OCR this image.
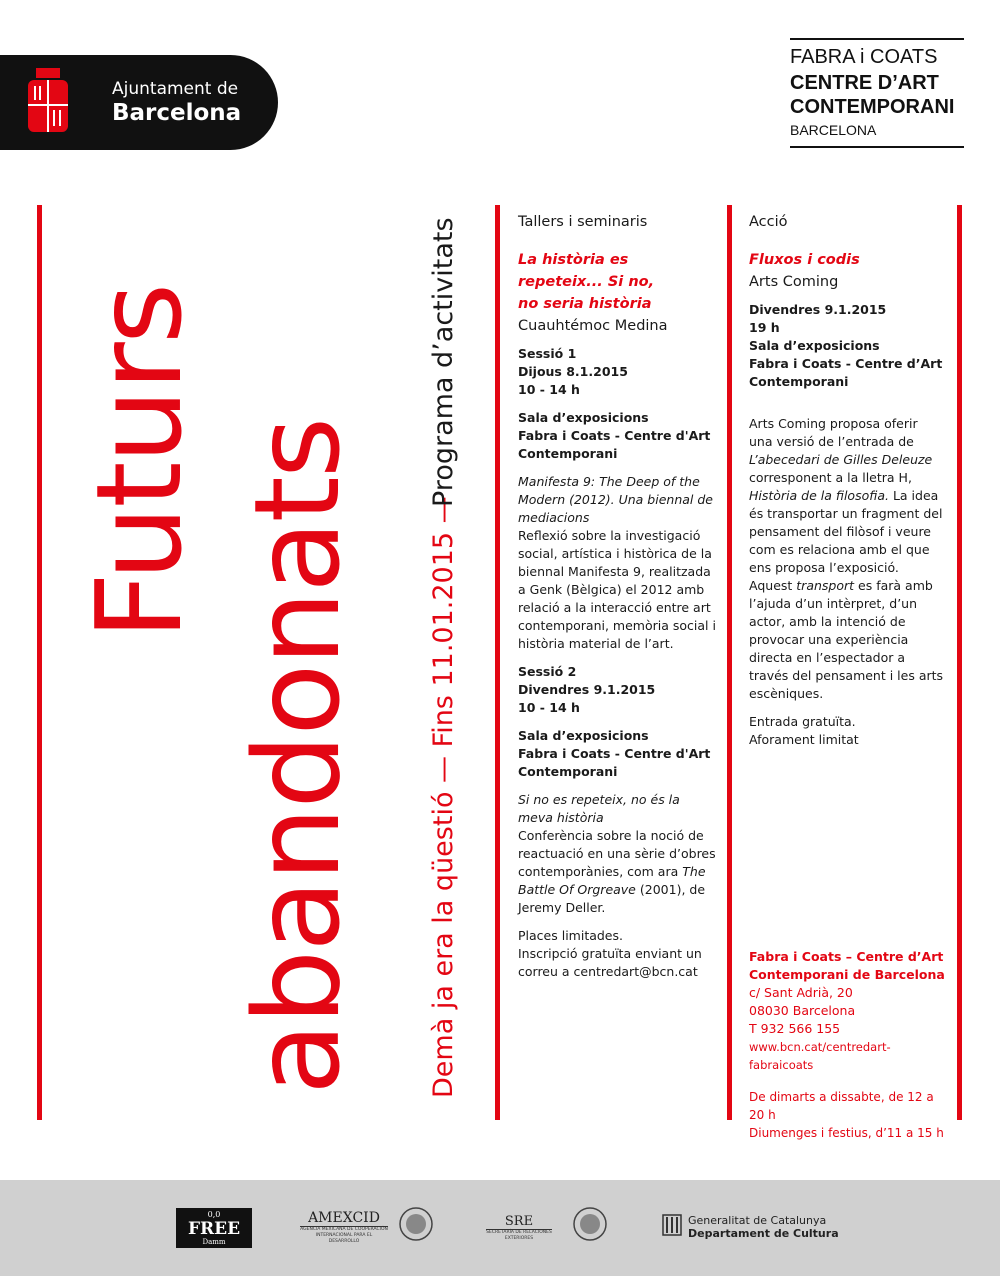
Ajuntament de
Barcelona
FABRA i COATS
CENTRE D’ART
CONTEMPORANI
BARCELONA
Futurs abandonats Demà ja era la qüestió — Fins 11.01.2015 —
Programa d’activitats	Tallers i seminaris

La història es
repeteix... Si no,
no seria història

Cuauhtémoc Medina

Sessió 1
Dijous 8.1.2015
10 - 14 h

Sala d’exposicions
Fabra i Coats - Centre d'Art
Contemporani

Manifesta 9: The Deep of the Modern (2012). Una biennal de mediacions

Reflexió sobre la investigació social, artística i històrica de la biennal Manifesta 9, realitzada a Genk (Bèlgica) el 2012 amb relació a la interacció entre art contemporani, memòria social i història material de l’art.

Sessió 2
Divendres 9.1.2015
10 - 14 h

Sala d’exposicions
Fabra i Coats - Centre d'Art
Contemporani

Si no es repeteix, no és la meva història

Conferència sobre la noció de reactuació en una sèrie d’obres contemporànies, com ara The Battle Of Orgreave (2001), de Jeremy Deller.

Places limitades.

Inscripció gratuïta enviant un correu a centredart@bcn.cat

Acció

Fluxos i codis

Arts Coming

Divendres 9.1.2015
19 h
Sala d’exposicions
Fabra i Coats - Centre d’Art
Contemporani

Arts Coming proposa oferir una versió de l’entrada de L’abecedari de Gilles Deleuze corresponent a la lletra H, Història de la filosofia. La idea és transportar un fragment del pensament del filòsof i veure com es relaciona amb el que ens proposa l’exposició. Aquest transport es farà amb l’ajuda d’un intèrpret, d’un actor, amb la intenció de provocar una experiència directa en l’espectador a través del pensament i les arts escèniques.

Entrada gratuïta.
Aforament limitat

Fabra i Coats – Centre d’Art
Contemporani de Barcelona
c/ Sant Adrià, 20
08030 Barcelona
T 932 566 155
www.bcn.cat/centredart-fabraicoats

De dimarts a dissabte, de 12 a 20 h
Diumenges i festius, d’11 a 15 h

0,0
FREE
Damm
AMEXCID
AGENCIA MEXICANA DE COOPERACIÓN INTERNACIONAL PARA EL DESARROLLO
SRE
SECRETARÍA DE RELACIONES EXTERIORES
Generalitat de Catalunya
Departament de Cultura
